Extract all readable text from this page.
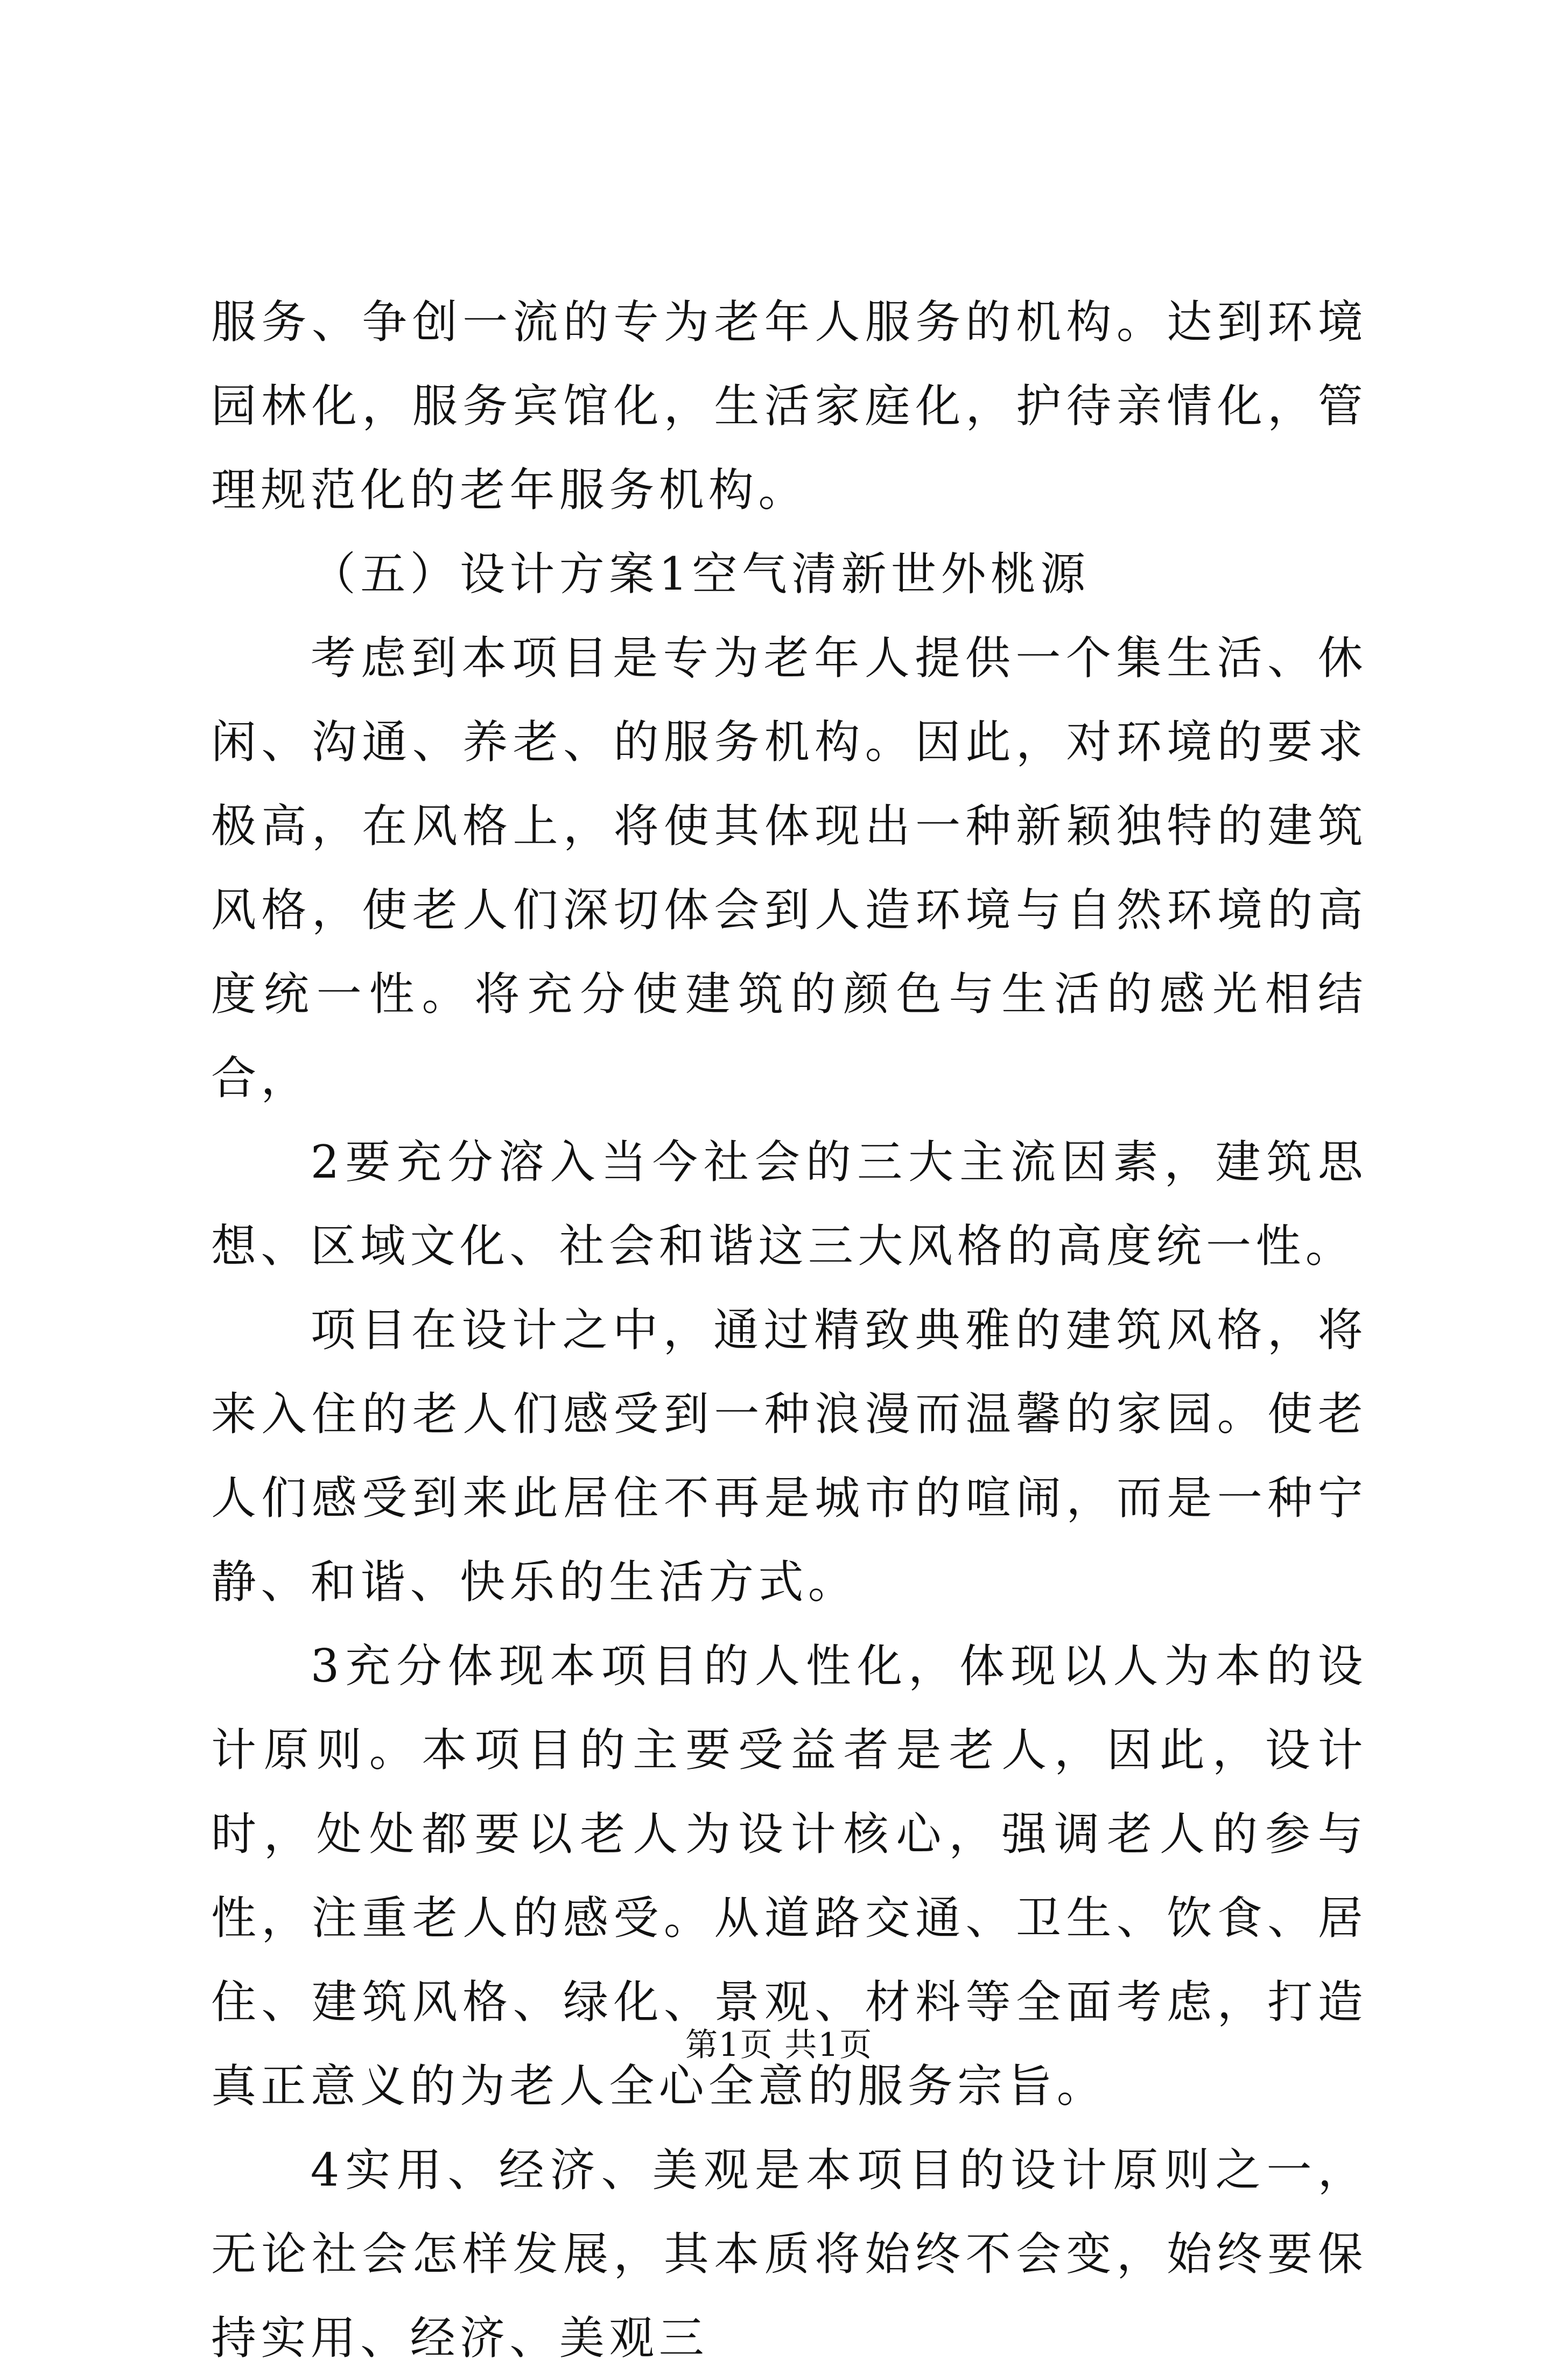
服务、争创一流的专为老年人服务的机构。达到环境园林化，服务宾馆化，生活家庭化，护待亲情化，管理规范化的老年服务机构。

（五）设计方案1空气清新世外桃源

考虑到本项目是专为老年人提供一个集生活、休闲、沟通、养老、的服务机构。因此，对环境的要求极高，在风格上，将使其体现出一种新颖独特的建筑风格，使老人们深切体会到人造环境与自然环境的高度统一性。将充分使建筑的颜色与生活的感光相结合，

2要充分溶入当今社会的三大主流因素，建筑思想、区域文化、社会和谐这三大风格的高度统一性。

项目在设计之中，通过精致典雅的建筑风格，将来入住的老人们感受到一种浪漫而温馨的家园。使老人们感受到来此居住不再是城市的喧闹，而是一种宁静、和谐、快乐的生活方式。

3充分体现本项目的人性化，体现以人为本的设计原则。本项目的主要受益者是老人，因此，设计时，处处都要以老人为设计核心，强调老人的参与性，注重老人的感受。从道路交通、卫生、饮食、居住、建筑风格、绿化、景观、材料等全面考虑，打造真正意义的为老人全心全意的服务宗旨。

4实用、经济、美观是本项目的设计原则之一，无论社会怎样发展，其本质将始终不会变，始终要保持实用、经济、美观三

第1页 共1页
